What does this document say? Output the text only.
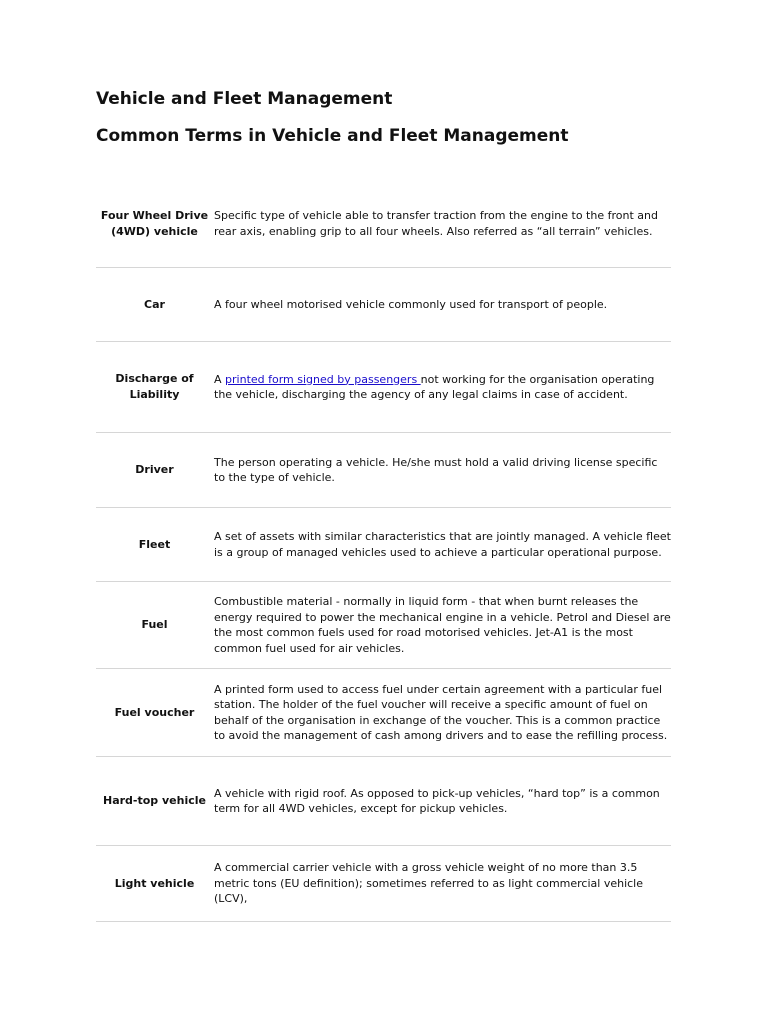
Vehicle and Fleet Management
Common Terms in Vehicle and Fleet Management
Four Wheel Drive (4WD) vehicle
Specific type of vehicle able to transfer traction from the engine to the front and rear axis, enabling grip to all four wheels. Also referred as “all terrain” vehicles.
Car	A four wheel motorised vehicle commonly used for transport of people.
Discharge of Liability
A printed form signed by passengers not working for the organisation operating the vehicle, discharging the agency of any legal claims in case of accident.
Driver
The person operating a vehicle. He/she must hold a valid driving license specific to the type of vehicle.
Fleet
A set of assets with similar characteristics that are jointly managed. A vehicle fleet is a group of managed vehicles used to achieve a particular operational purpose.
Fuel
Combustible material - normally in liquid form - that when burnt releases the energy required to power the mechanical engine in a vehicle. Petrol and Diesel are the most common fuels used for road motorised vehicles. Jet-A1 is the most common fuel used for air vehicles.
Fuel voucher
A printed form used to access fuel under certain agreement with a particular fuel station. The holder of the fuel voucher will receive a specific amount of fuel on behalf of the organisation in exchange of the voucher. This is a common practice to avoid the management of cash among drivers and to ease the refilling process.
Hard-top vehicle
A vehicle with rigid roof. As opposed to pick-up vehicles, “hard top” is a common term for all 4WD vehicles, except for pickup vehicles.
Light vehicle
A commercial carrier vehicle with a gross vehicle weight of no more than 3.5 metric tons (EU definition); sometimes referred to as light commercial vehicle (LCV),
